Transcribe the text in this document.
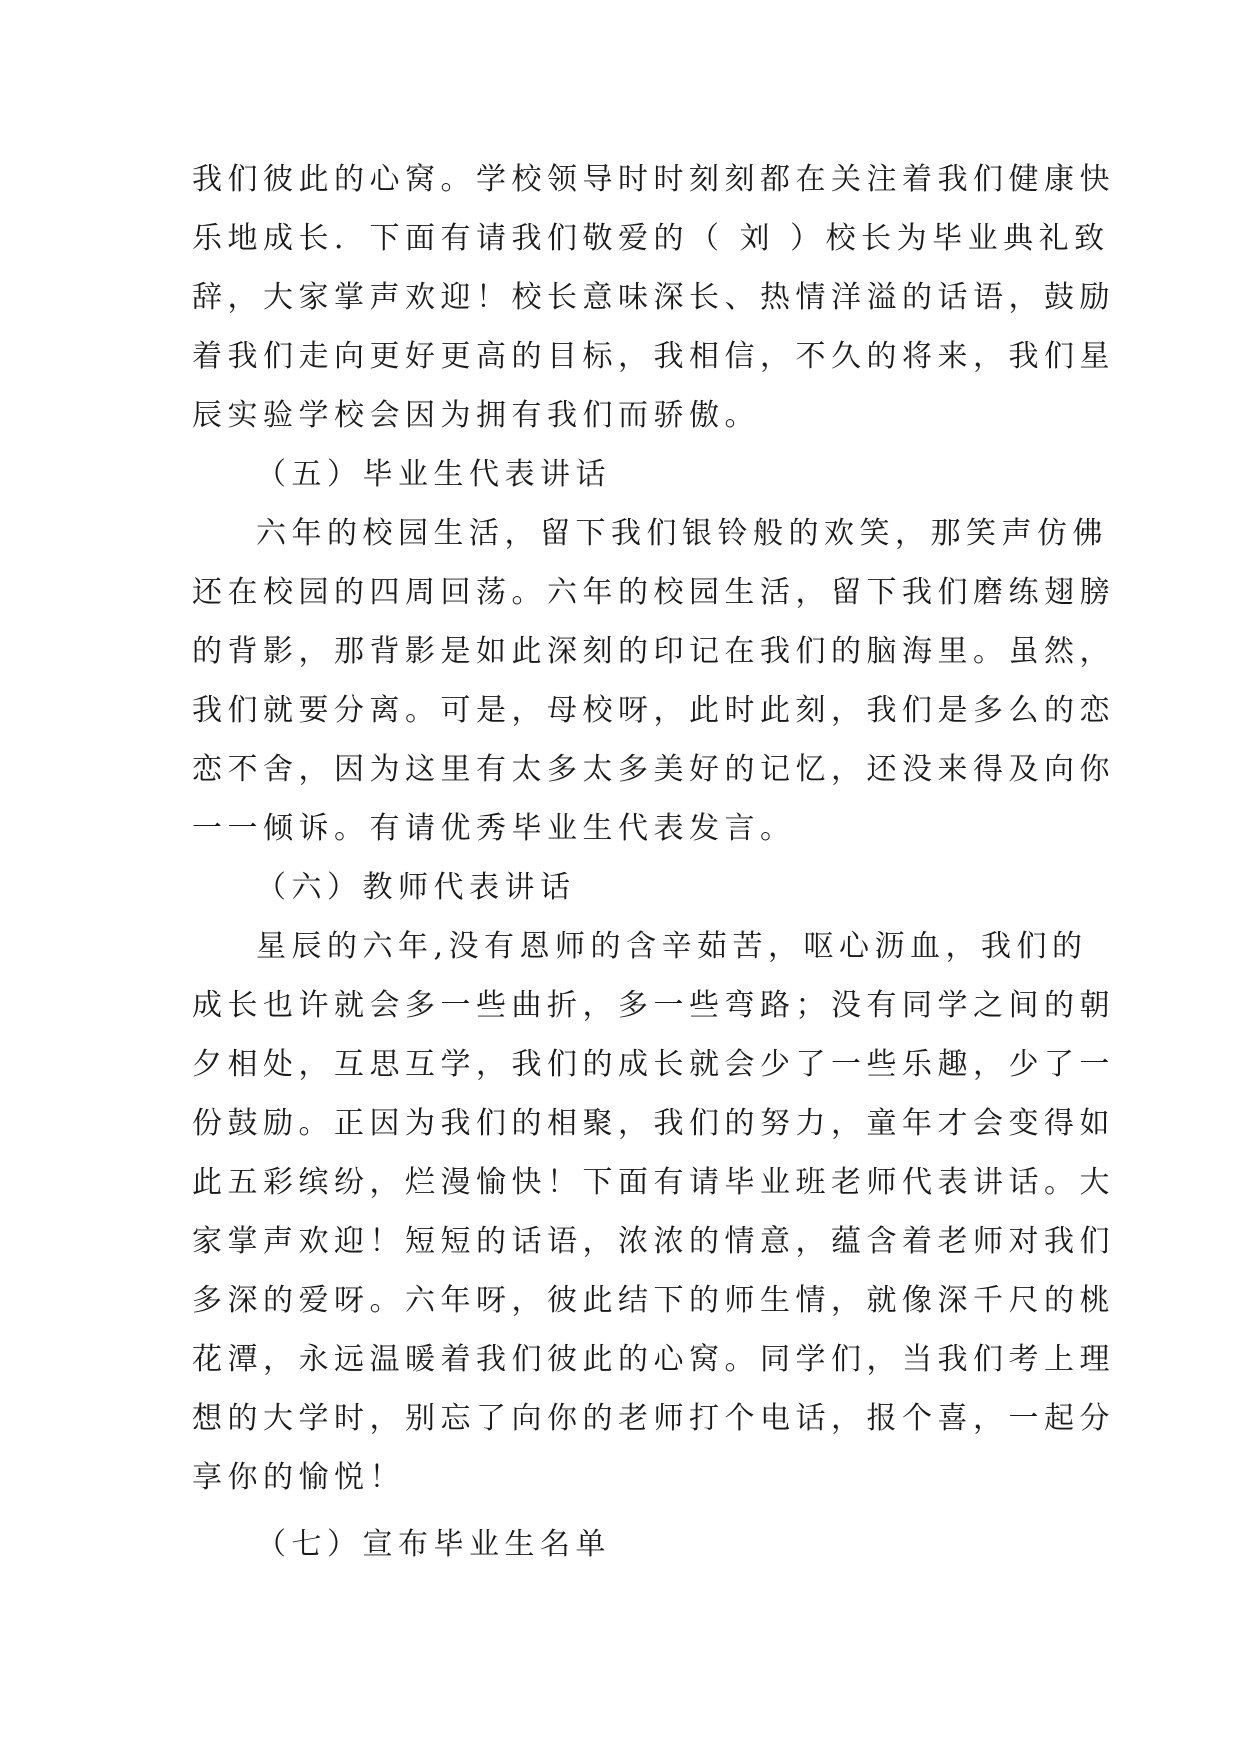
我们彼此的心窝。学校领导时时刻刻都在关注着我们健康快
乐地成长．下面有请我们敬爱的（ 刘 ）校长为毕业典礼致
辞，大家掌声欢迎！校长意味深长、热情洋溢的话语，鼓励
着我们走向更好更高的目标，我相信，不久的将来，我们星
辰实验学校会因为拥有我们而骄傲。
（五）毕业生代表讲话
六年的校园生活，留下我们银铃般的欢笑，那笑声仿佛
还在校园的四周回荡。六年的校园生活，留下我们磨练翅膀
的背影，那背影是如此深刻的印记在我们的脑海里。虽然，
我们就要分离。可是，母校呀，此时此刻，我们是多么的恋
恋不舍，因为这里有太多太多美好的记忆，还没来得及向你
一一倾诉。有请优秀毕业生代表发言。
（六）教师代表讲话
星辰的六年,没有恩师的含辛茹苦，呕心沥血，我们的
成长也许就会多一些曲折，多一些弯路；没有同学之间的朝
夕相处，互思互学，我们的成长就会少了一些乐趣，少了一
份鼓励。正因为我们的相聚，我们的努力，童年才会变得如
此五彩缤纷，烂漫愉快！下面有请毕业班老师代表讲话。大
家掌声欢迎！短短的话语，浓浓的情意，蕴含着老师对我们
多深的爱呀。六年呀，彼此结下的师生情，就像深千尺的桃
花潭，永远温暖着我们彼此的心窝。同学们，当我们考上理
想的大学时，别忘了向你的老师打个电话，报个喜，一起分
享你的愉悦！
（七）宣布毕业生名单
